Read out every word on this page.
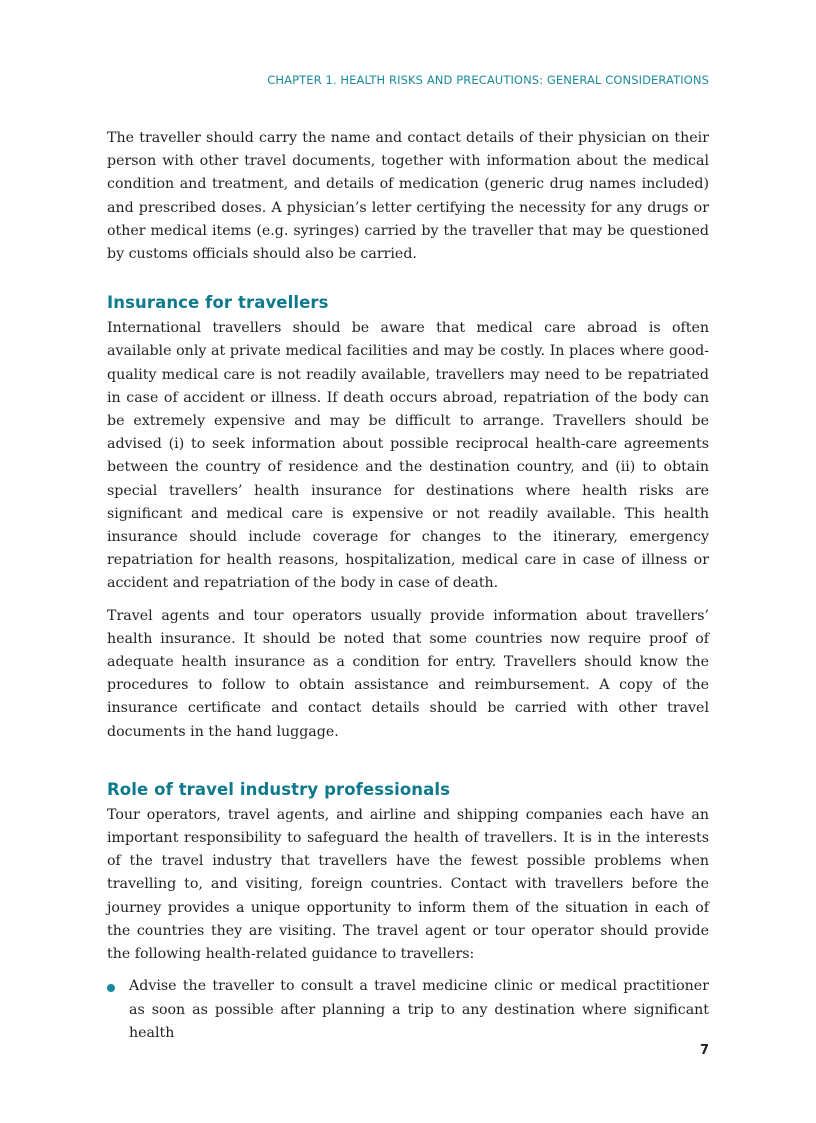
CHAPTER 1. HEALTH RISKS AND PRECAUTIONS: GENERAL CONSIDERATIONS

The traveller should carry the name and contact details of their physician on their person with other travel documents, together with information about the medical condition and treatment, and details of medication (generic drug names included) and prescribed doses. A physician’s letter certifying the necessity for any drugs or other medical items (e.g. syringes) carried by the traveller that may be questioned by customs officials should also be carried.

Insurance for travellers

International travellers should be aware that medical care abroad is often available only at private medical facilities and may be costly. In places where good-quality medical care is not readily available, travellers may need to be repatriated in case of accident or illness. If death occurs abroad, repatriation of the body can be extremely expensive and may be difficult to arrange. Travellers should be advised (i) to seek information about possible reciprocal health-care agreements between the country of residence and the destination country, and (ii) to obtain special travellers’ health insurance for destinations where health risks are significant and medical care is expensive or not readily available. This health insurance should include coverage for changes to the itinerary, emergency repatriation for health reasons, hospitalization, medical care in case of illness or accident and repatriation of the body in case of death.

Travel agents and tour operators usually provide information about travellers’ health insurance. It should be noted that some countries now require proof of adequate health insurance as a condition for entry. Travellers should know the procedures to follow to obtain assistance and reimbursement. A copy of the insurance certificate and contact details should be carried with other travel documents in the hand luggage.

Role of travel industry professionals

Tour operators, travel agents, and airline and shipping companies each have an important responsibility to safeguard the health of travellers. It is in the interests of the travel industry that travellers have the fewest possible problems when travelling to, and visiting, foreign countries. Contact with travellers before the journey provides a unique opportunity to inform them of the situation in each of the countries they are visiting. The travel agent or tour operator should provide the following health-related guidance to travellers:

Advise the traveller to consult a travel medicine clinic or medical practitioner as soon as possible after planning a trip to any destination where significant health

7
